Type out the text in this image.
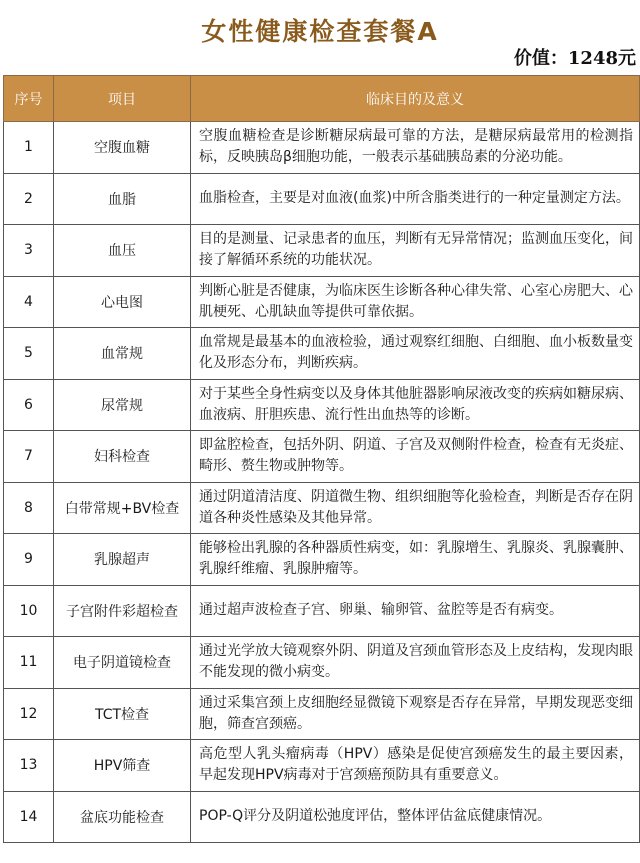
女性健康检查套餐A
价值：1248元
序号	项目	临床目的及意义
1	空腹血糖	空腹血糖检查是诊断糖尿病最可靠的方法，是糖尿病最常用的检测指标，反映胰岛β细胞功能，一般表示基础胰岛素的分泌功能。
2	血脂	血脂检查，主要是对血液(血浆)中所含脂类进行的一种定量测定方法。
3	血压	目的是测量、记录患者的血压，判断有无异常情况；监测血压变化，间接了解循环系统的功能状况。
4	心电图	判断心脏是否健康，为临床医生诊断各种心律失常、心室心房肥大、心肌梗死、心肌缺血等提供可靠依据。
5	血常规	血常规是最基本的血液检验，通过观察红细胞、白细胞、血小板数量变化及形态分布，判断疾病。
6	尿常规	对于某些全身性病变以及身体其他脏器影响尿液改变的疾病如糖尿病、血液病、肝胆疾患、流行性出血热等的诊断。
7	妇科检查	即盆腔检查，包括外阴、阴道、子宫及双侧附件检查，检查有无炎症、畸形、赘生物或肿物等。
8	白带常规+BV检查	通过阴道清洁度、阴道微生物、组织细胞等化验检查，判断是否存在阴道各种炎性感染及其他异常。
9	乳腺超声	能够检出乳腺的各种器质性病变，如：乳腺增生、乳腺炎、乳腺囊肿、乳腺纤维瘤、乳腺肿瘤等。
10	子宫附件彩超检查	通过超声波检查子宫、卵巢、输卵管、盆腔等是否有病变。
11	电子阴道镜检查	通过光学放大镜观察外阴、阴道及宫颈血管形态及上皮结构，发现肉眼不能发现的微小病变。
12	TCT检查	通过采集宫颈上皮细胞经显微镜下观察是否存在异常，早期发现恶变细胞，筛查宫颈癌。
13	HPV筛查	高危型人乳头瘤病毒（HPV）感染是促使宫颈癌发生的最主要因素，早起发现HPV病毒对于宫颈癌预防具有重要意义。
14	盆底功能检查	POP-Q评分及阴道松弛度评估，整体评估盆底健康情况。
